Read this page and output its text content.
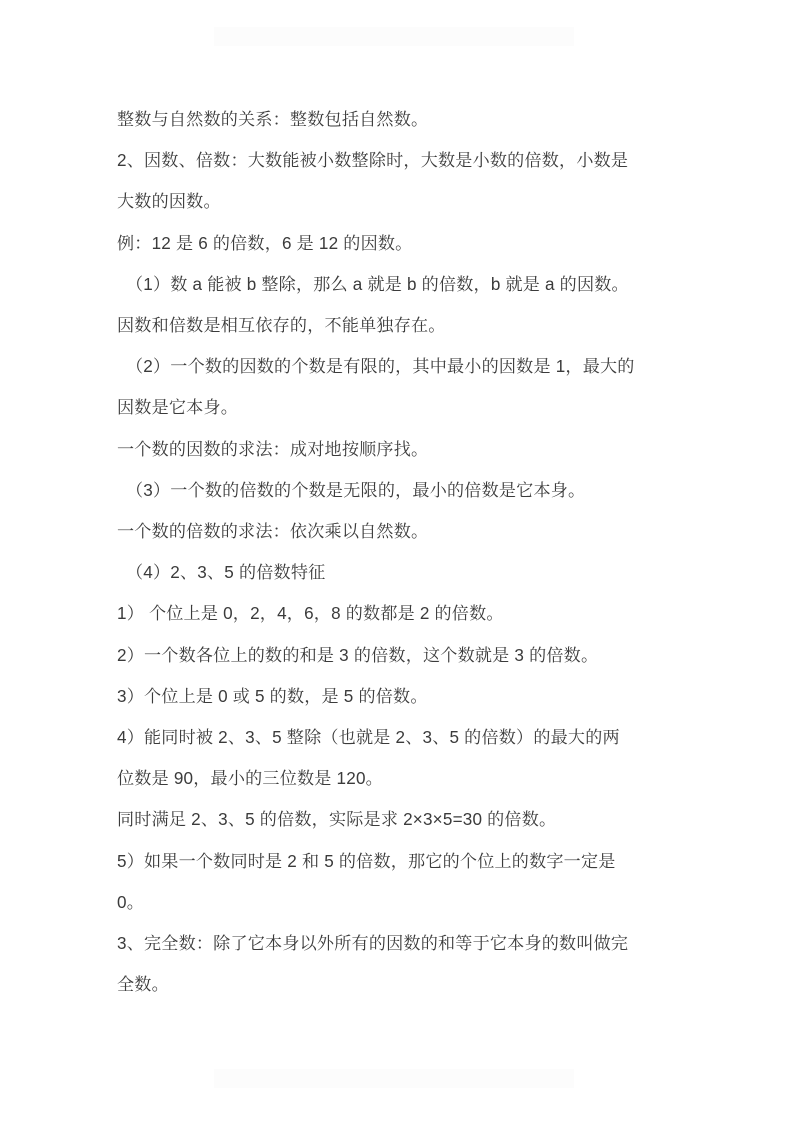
整数与自然数的关系：整数包括自然数。
2、因数、倍数：大数能被小数整除时，大数是小数的倍数，小数是
大数的因数。
例：12 是 6 的倍数，6 是 12 的因数。
（1）数 a 能被 b 整除，那么 a 就是 b 的倍数，b 就是 a 的因数。
因数和倍数是相互依存的，不能单独存在。
（2）一个数的因数的个数是有限的，其中最小的因数是 1，最大的
因数是它本身。
一个数的因数的求法：成对地按顺序找。
（3）一个数的倍数的个数是无限的，最小的倍数是它本身。
一个数的倍数的求法：依次乘以自然数。
（4）2、3、5 的倍数特征
1） 个位上是 0，2，4，6，8 的数都是 2 的倍数。
2）一个数各位上的数的和是 3 的倍数，这个数就是 3 的倍数。
3）个位上是 0 或 5 的数，是 5 的倍数。
4）能同时被 2、3、5 整除（也就是 2、3、5 的倍数）的最大的两
位数是 90，最小的三位数是 120。
同时满足 2、3、5 的倍数，实际是求 2×3×5=30 的倍数。
5）如果一个数同时是 2 和 5 的倍数，那它的个位上的数字一定是
0。
3、完全数：除了它本身以外所有的因数的和等于它本身的数叫做完
全数。
